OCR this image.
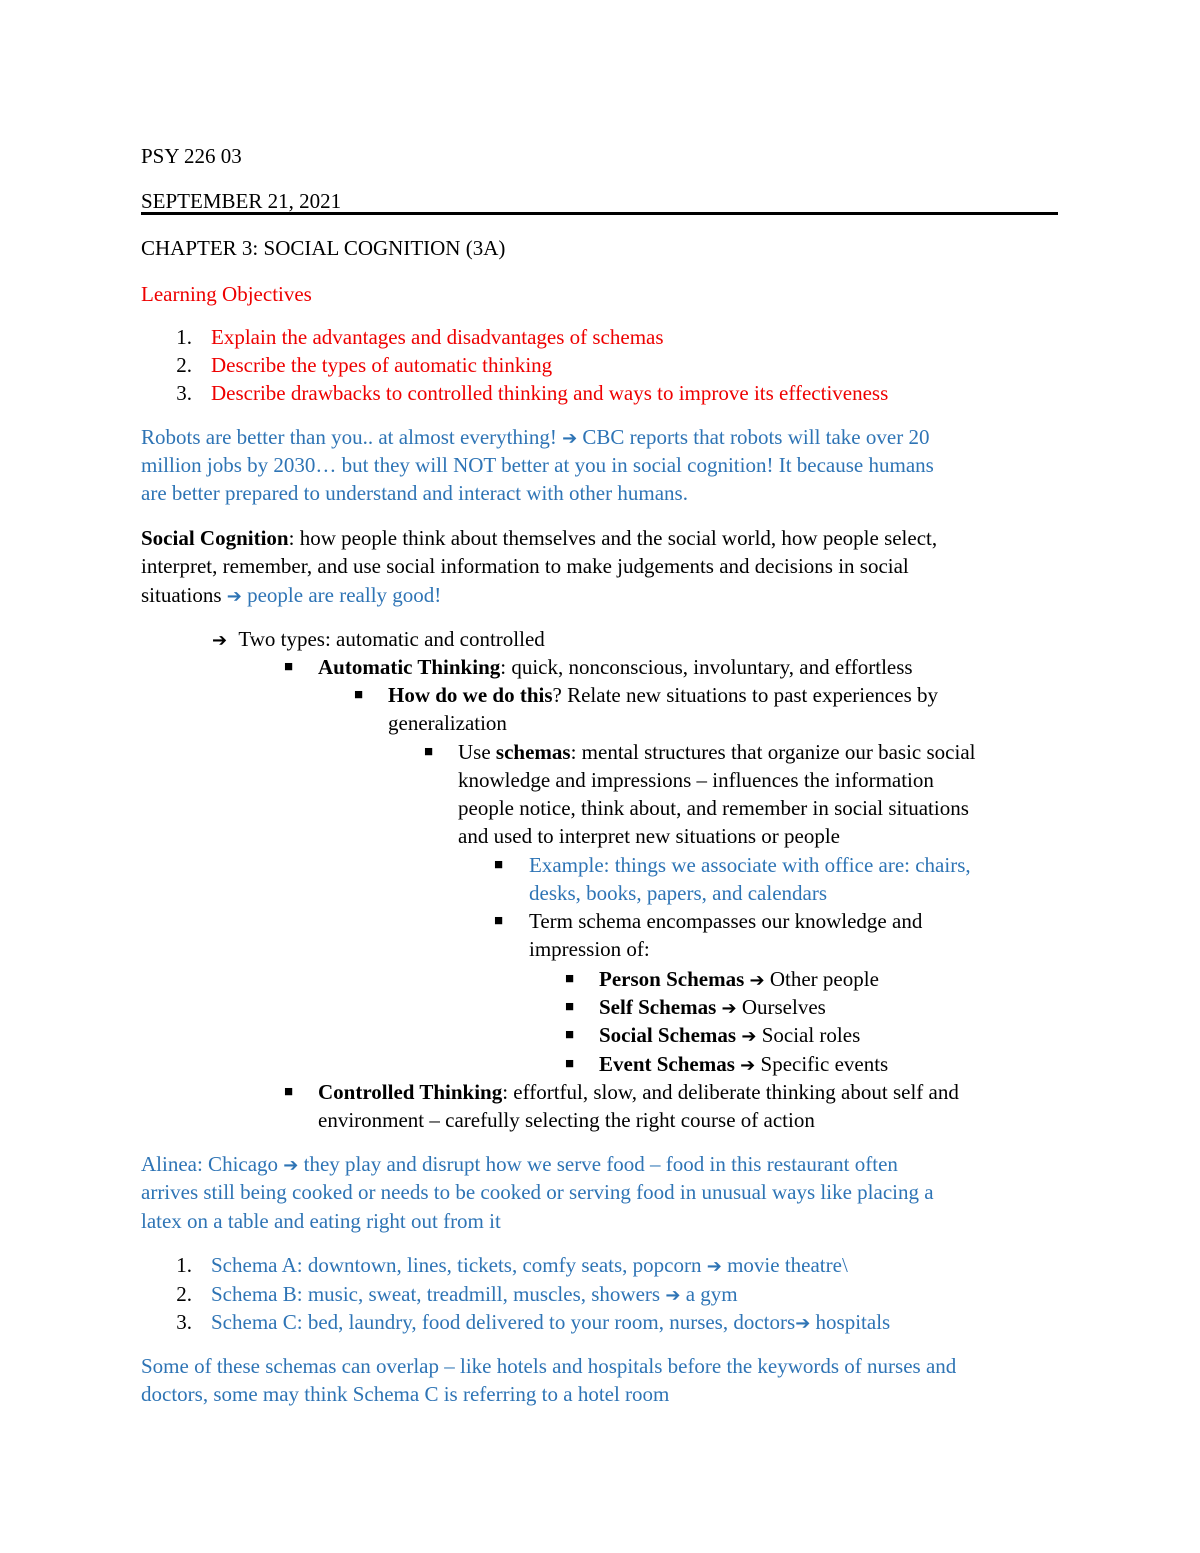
PSY 226 03
SEPTEMBER 21, 2021
CHAPTER 3: SOCIAL COGNITION (3A)
Learning Objectives
1. Explain the advantages and disadvantages of schemas
2. Describe the types of automatic thinking
3. Describe drawbacks to controlled thinking and ways to improve its effectiveness
Robots are better than you.. at almost everything! ➔ CBC reports that robots will take over 20
million jobs by 2030… but they will NOT better at you in social cognition! It because humans
are better prepared to understand and interact with other humans.
Social Cognition: how people think about themselves and the social world, how people select,
interpret, remember, and use social information to make judgements and decisions in social
situations ➔ people are really good!
➔ Two types: automatic and controlled
■ Automatic Thinking: quick, nonconscious, involuntary, and effortless
■ How do we do this? Relate new situations to past experiences by
generalization
■ Use schemas: mental structures that organize our basic social
knowledge and impressions – influences the information
people notice, think about, and remember in social situations
and used to interpret new situations or people
■ Example: things we associate with office are: chairs,
desks, books, papers, and calendars
■ Term schema encompasses our knowledge and
impression of:
■ Person Schemas ➔ Other people
■ Self Schemas ➔ Ourselves
■ Social Schemas ➔ Social roles
■ Event Schemas ➔ Specific events
■ Controlled Thinking: effortful, slow, and deliberate thinking about self and
environment – carefully selecting the right course of action
Alinea: Chicago ➔ they play and disrupt how we serve food – food in this restaurant often
arrives still being cooked or needs to be cooked or serving food in unusual ways like placing a
latex on a table and eating right out from it
1. Schema A: downtown, lines, tickets, comfy seats, popcorn ➔ movie theatre\
2. Schema B: music, sweat, treadmill, muscles, showers ➔ a gym
3. Schema C: bed, laundry, food delivered to your room, nurses, doctors➔ hospitals
Some of these schemas can overlap – like hotels and hospitals before the keywords of nurses and
doctors, some may think Schema C is referring to a hotel room
